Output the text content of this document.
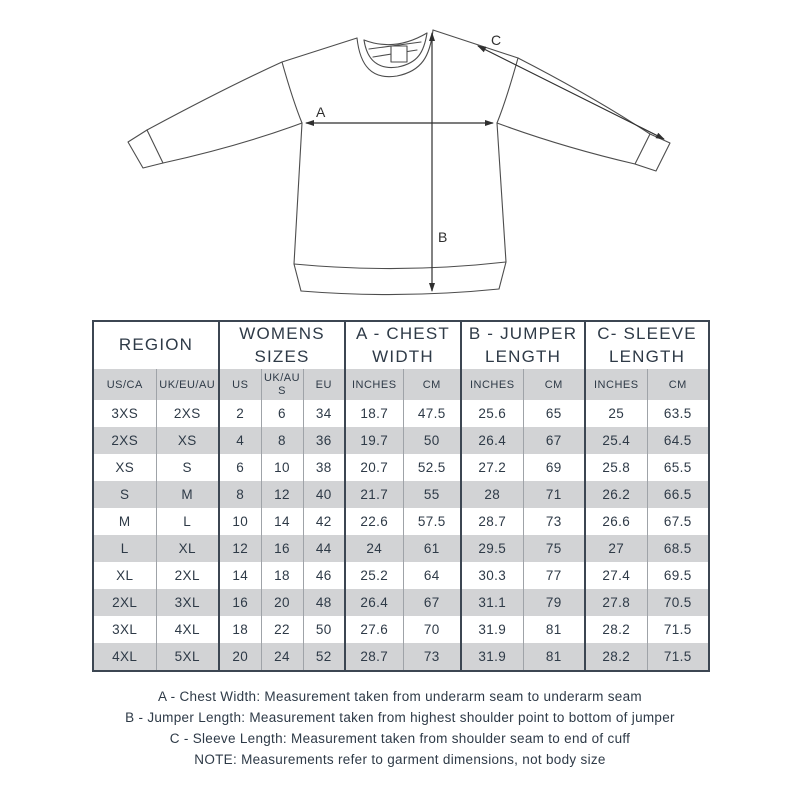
A
B
C
REGION		WOMENS SIZES			A - CHEST WIDTH		B - JUMPER LENGTH		C- SLEEVE LENGTH	
US/CA	UK/EU/AU	US	UK/AUS	EU	INCHES	CM	INCHES	CM	INCHES	CM
3XS	2XS	2	6	34	18.7	47.5	25.6	65	25	63.5
2XS	XS	4	8	36	19.7	50	26.4	67	25.4	64.5
XS	S	6	10	38	20.7	52.5	27.2	69	25.8	65.5
S	M	8	12	40	21.7	55	28	71	26.2	66.5
M	L	10	14	42	22.6	57.5	28.7	73	26.6	67.5
L	XL	12	16	44	24	61	29.5	75	27	68.5
XL	2XL	14	18	46	25.2	64	30.3	77	27.4	69.5
2XL	3XL	16	20	48	26.4	67	31.1	79	27.8	70.5
3XL	4XL	18	22	50	27.6	70	31.9	81	28.2	71.5
4XL	5XL	20	24	52	28.7	73	31.9	81	28.2	71.5
A - Chest Width: Measurement taken from underarm seam to underarm seam
B - Jumper Length: Measurement taken from highest shoulder point to bottom of jumper
C - Sleeve Length: Measurement taken from shoulder seam to end of cuff
NOTE: Measurements refer to garment dimensions, not body size
